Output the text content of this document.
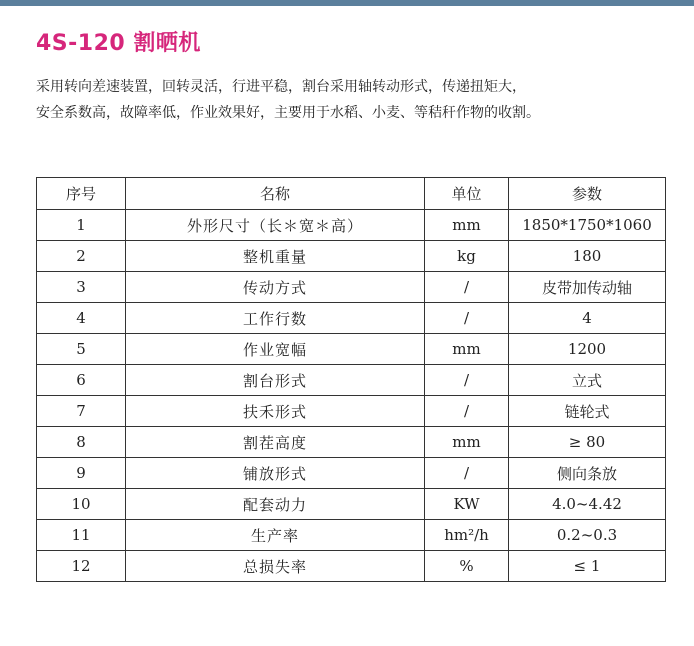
4S-120 割晒机

采用转向差速装置，回转灵活，行进平稳，割台采用轴转动形式，传递扭矩大，

安全系数高，故障率低，作业效果好，主要用于水稻、小麦、等秸秆作物的收割。

序号	名称	单位	参数
1	外形尺寸（长＊宽＊高）	mm	1850*1750*1060
2	整机重量	kg	180
3	传动方式	/	皮带加传动轴
4	工作行数	/	4
5	作业宽幅	mm	1200
6	割台形式	/	立式
7	扶禾形式	/	链轮式
8	割茬高度	mm	≥ 80
9	铺放形式	/	侧向条放
10	配套动力	KW	4.0~4.42
11	生产率	hm²/h	0.2~0.3
12	总损失率	%	≤ 1
